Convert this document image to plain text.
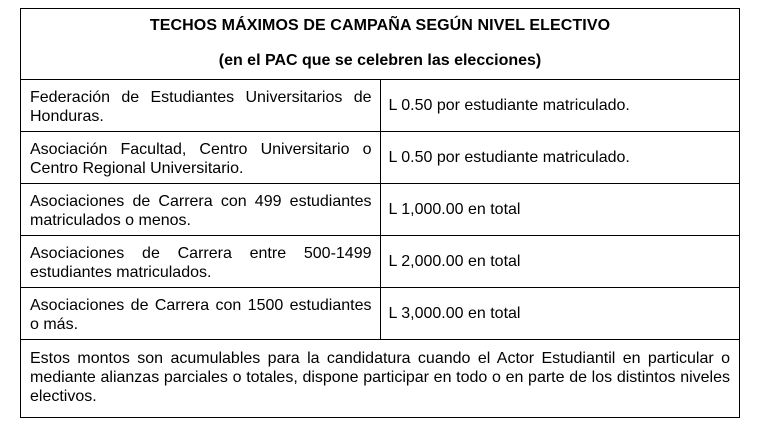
TECHOS MÁXIMOS DE CAMPAÑA SEGÚN NIVEL ELECTIVO
(en el PAC que se celebren las elecciones)	

Federación de Estudiantes Universitarios de Honduras.	L 0.50 por estudiante matriculado.
Asociación Facultad, Centro Universitario o Centro Regional Universitario.	L 0.50 por estudiante matriculado.
Asociaciones de Carrera con 499 estudiantes matriculados o menos.	L 1,000.00 en total
Asociaciones de Carrera entre 500-1499 estudiantes matriculados.	L 2,000.00 en total
Asociaciones de Carrera con 1500 estudiantes o más.	L 3,000.00 en total
Estos montos son acumulables para la candidatura cuando el Actor Estudiantil en particular o mediante alianzas parciales o totales, dispone participar en todo o en parte de los distintos niveles electivos.	
